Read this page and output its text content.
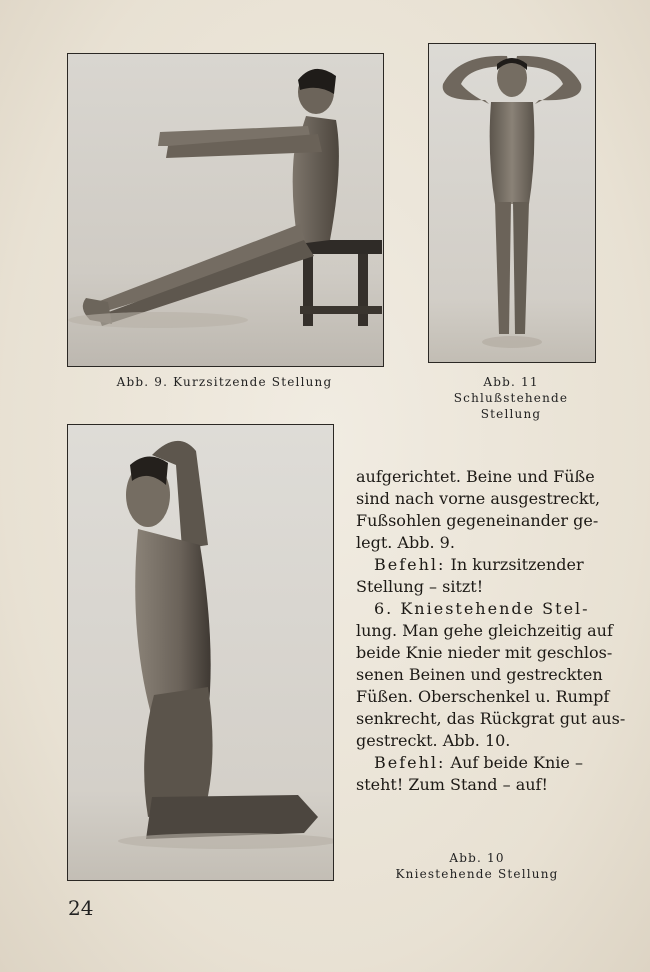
Abb. 9. Kurzsitzende Stellung	Abb. 11
Schlußstehende
Stellung
aufgerichtet. Beine und Füße
sind nach vorne ausgestreckt,
Fußsohlen gegeneinander ge-
legt. Abb. 9.
Befehl: In kurzsitzender
Stellung – sitzt!
6. Kniestehende Stel-
lung. Man gehe gleichzeitig auf
beide Knie nieder mit geschlos-
senen Beinen und gestreckten
Füßen. Oberschenkel u. Rumpf
senkrecht, das Rückgrat gut aus-
gestreckt. Abb. 10.
Befehl: Auf beide Knie –
steht! Zum Stand – auf!
Abb. 10
Kniestehende Stellung
24
